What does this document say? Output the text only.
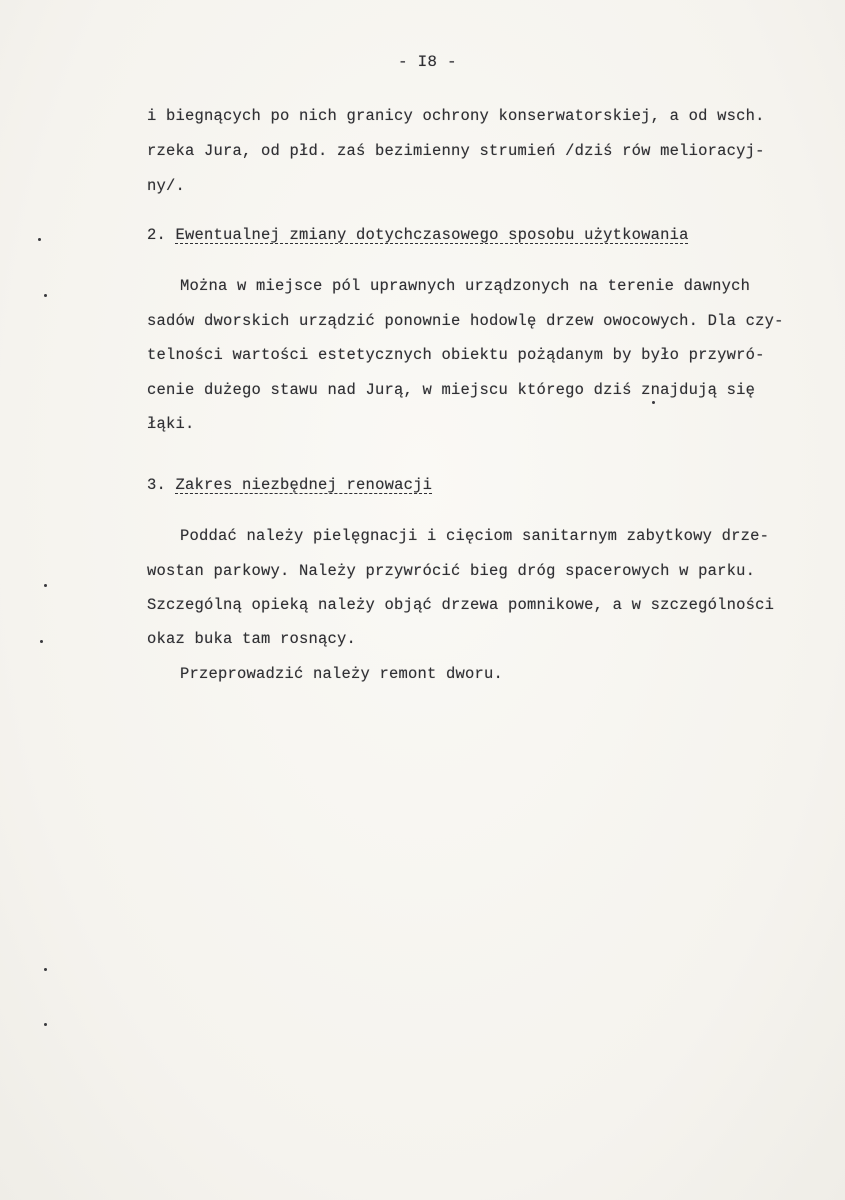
- I8 -
i biegnących po nich granicy ochrony konserwatorskiej, a od wsch.
rzeka Jura, od płd. zaś bezimienny strumień /dziś rów melioracyj-
ny/.
2. Ewentualnej zmiany dotychczasowego sposobu użytkowania
Można w miejsce pól uprawnych urządzonych na terenie dawnych
sadów dworskich urządzić ponownie hodowlę drzew owocowych. Dla czy-
telności wartości estetycznych obiektu pożądanym by było przywró-
cenie dużego stawu nad Jurą, w miejscu którego dziś znajdują się
łąki.
3. Zakres niezbędnej renowacji
Poddać należy pielęgnacji i cięciom sanitarnym zabytkowy drze-
wostan parkowy. Należy przywrócić bieg dróg spacerowych w parku.
Szczególną opieką należy objąć drzewa pomnikowe, a w szczególności
okaz buka tam rosnący.
Przeprowadzić należy remont dworu.
